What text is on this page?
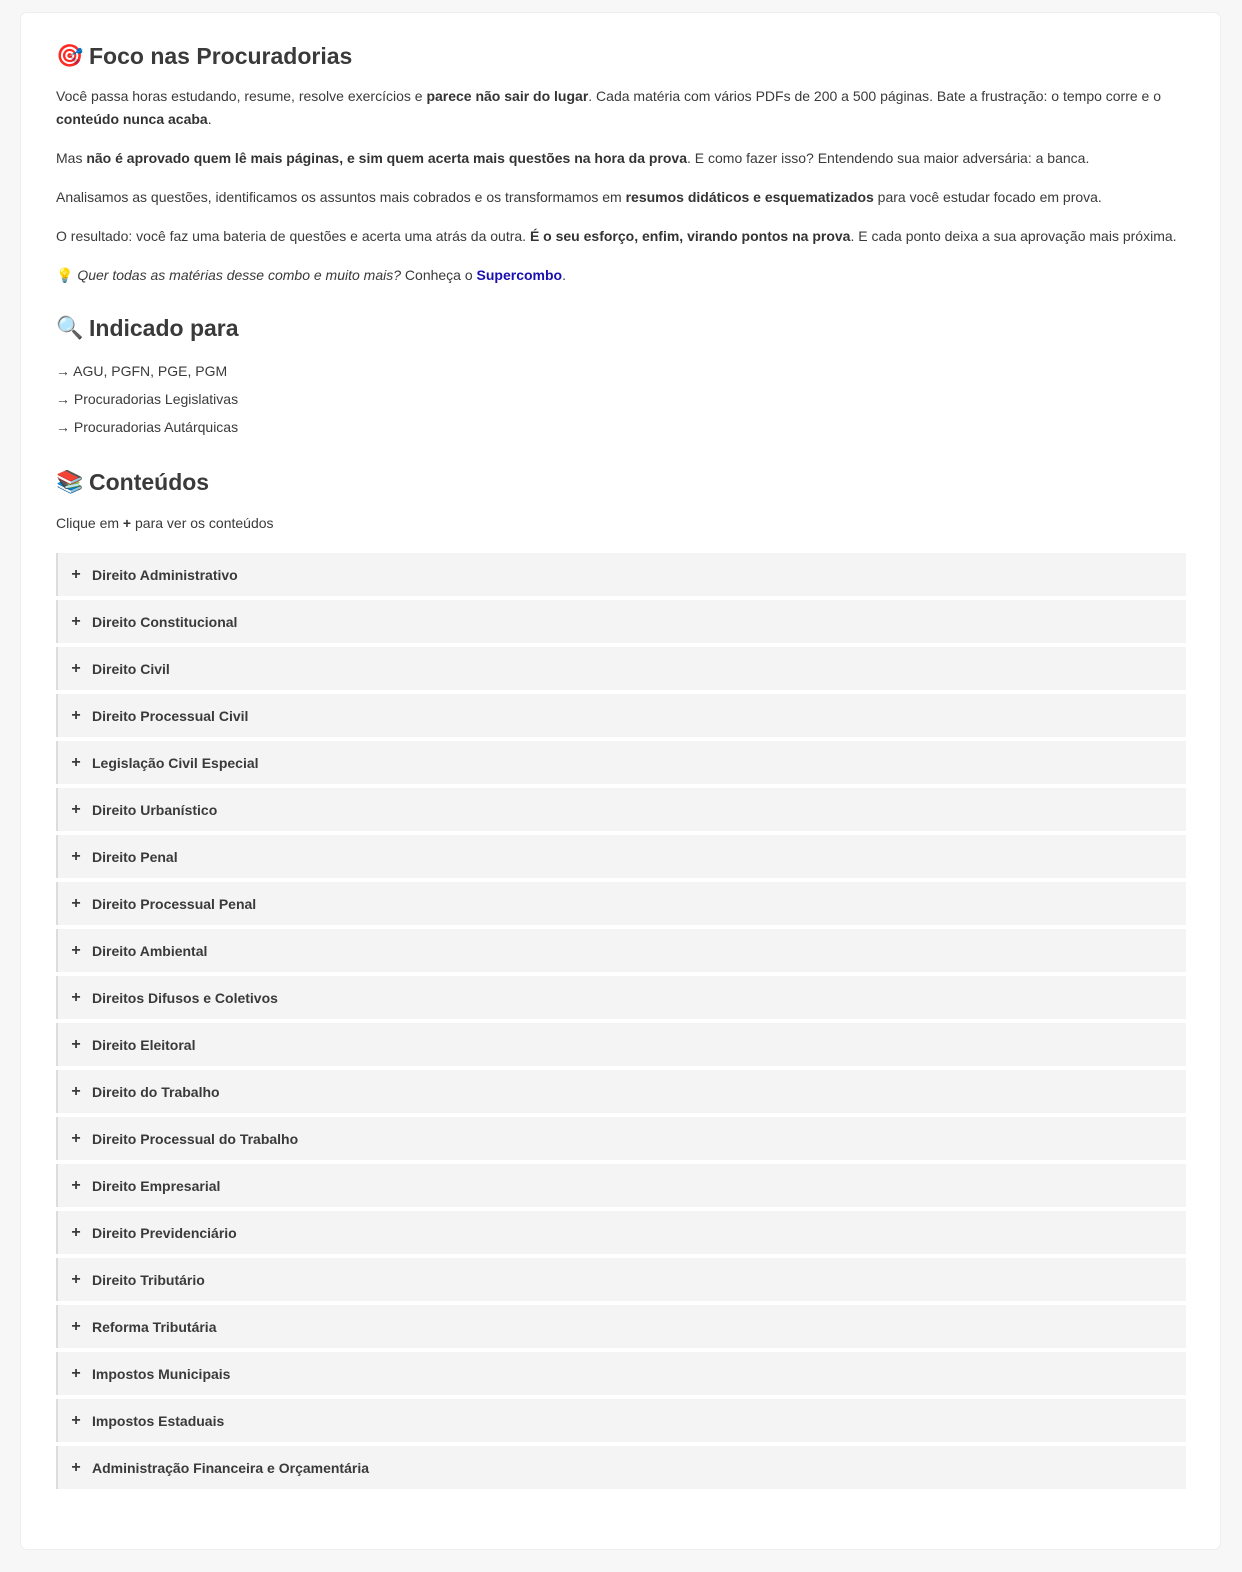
🎯 Foco nas Procuradorias

Você passa horas estudando, resume, resolve exercícios e parece não sair do lugar. Cada matéria com vários PDFs de 200 a 500 páginas. Bate a frustração: o tempo corre e o conteúdo nunca acaba.

Mas não é aprovado quem lê mais páginas, e sim quem acerta mais questões na hora da prova. E como fazer isso? Entendendo sua maior adversária: a banca.

Analisamos as questões, identificamos os assuntos mais cobrados e os transformamos em resumos didáticos e esquematizados para você estudar focado em prova.

O resultado: você faz uma bateria de questões e acerta uma atrás da outra. É o seu esforço, enfim, virando pontos na prova. E cada ponto deixa a sua aprovação mais próxima.

💡 Quer todas as matérias desse combo e muito mais? Conheça o Supercombo.

🔍 Indicado para
→ AGU, PGFN, PGE, PGM
→ Procuradorias Legislativas
→ Procuradorias Autárquicas
📚 Conteúdos

Clique em + para ver os conteúdos

+ Direito Administrativo
+ Direito Constitucional
+ Direito Civil
+ Direito Processual Civil
+ Legislação Civil Especial
+ Direito Urbanístico
+ Direito Penal
+ Direito Processual Penal
+ Direito Ambiental
+ Direitos Difusos e Coletivos
+ Direito Eleitoral
+ Direito do Trabalho
+ Direito Processual do Trabalho
+ Direito Empresarial
+ Direito Previdenciário
+ Direito Tributário
+ Reforma Tributária
+ Impostos Municipais
+ Impostos Estaduais
+ Administração Financeira e Orçamentária
